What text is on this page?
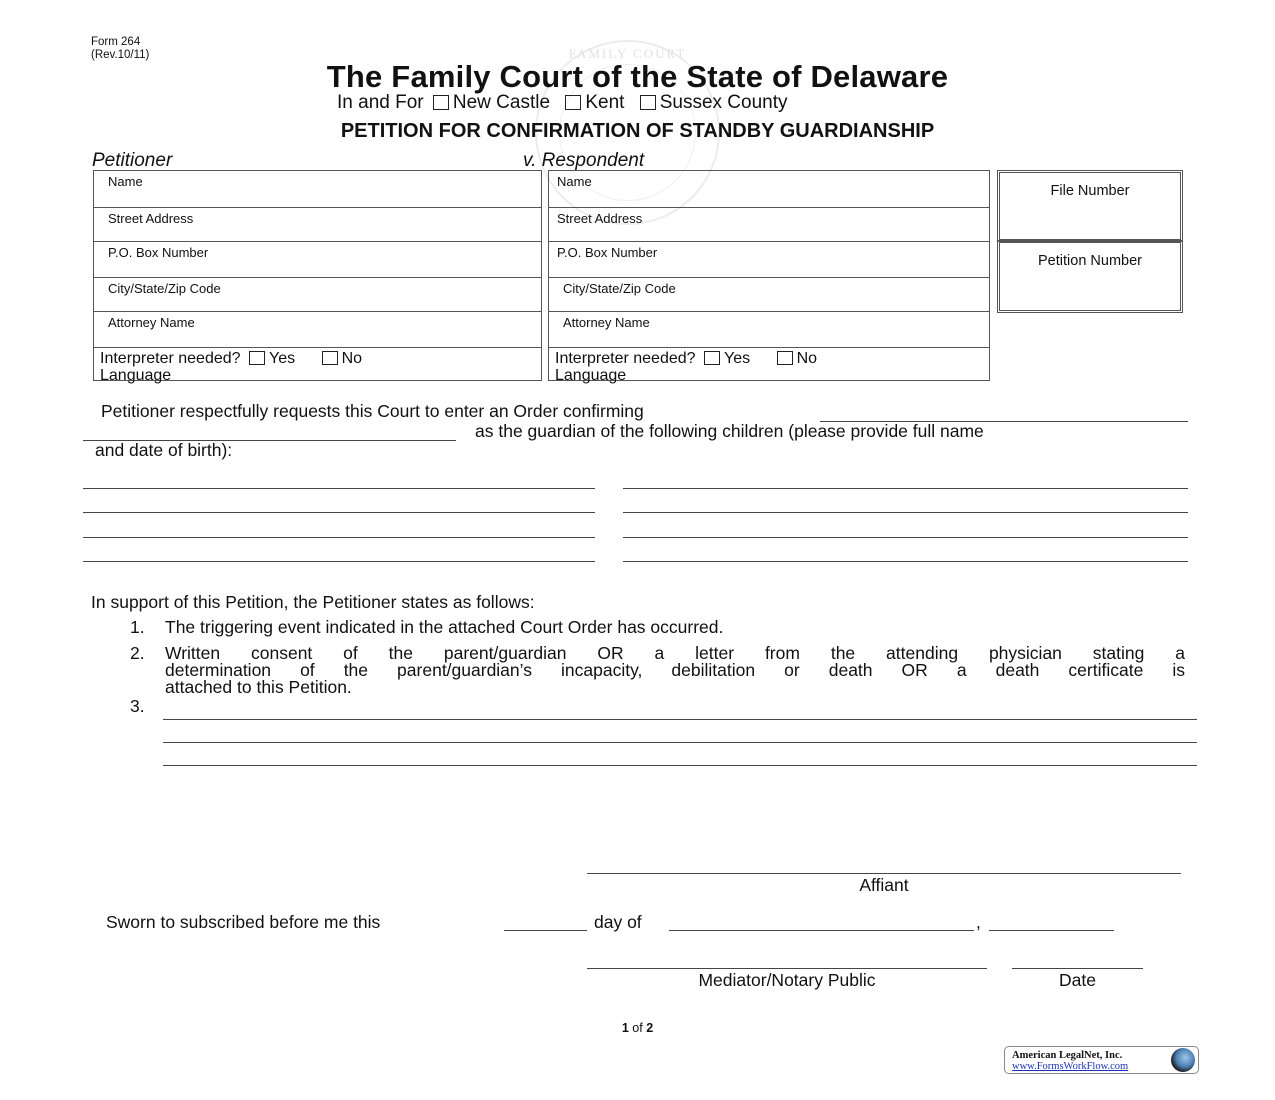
FAMILY COURT
Form 264
(Rev.10/11)
The Family Court of the State of Delaware
In and For New Castle Kent Sussex County
PETITION FOR CONFIRMATION OF STANDBY GUARDIANSHIP
Petitioner	v. Respondent
Name
Street Address
P.O. Box Number
City/State/Zip Code
Attorney Name
Interpreter needed? Yes	No
Language
Name
Street Address
P.O. Box Number
City/State/Zip Code
Attorney Name
Interpreter needed? Yes	No
Language
File Number
Petition Number
Petitioner respectfully requests this Court to enter an Order confirming
as the guardian of the following children (please provide full name
and date of birth):
In support of this Petition, the Petitioner states as follows:
1. The triggering event indicated in the attached Court Order has occurred.
2. Written consent of the parent/guardian OR a letter from the attending physician stating a
determination of the parent/guardian’s incapacity, debilitation or death OR a death certificate is
attached to this Petition.
3.
Affiant
Sworn to subscribed before me this	day of	,
Mediator/Notary Public	Date
1 of 2
American LegalNet, Inc.
www.FormsWorkFlow.com
